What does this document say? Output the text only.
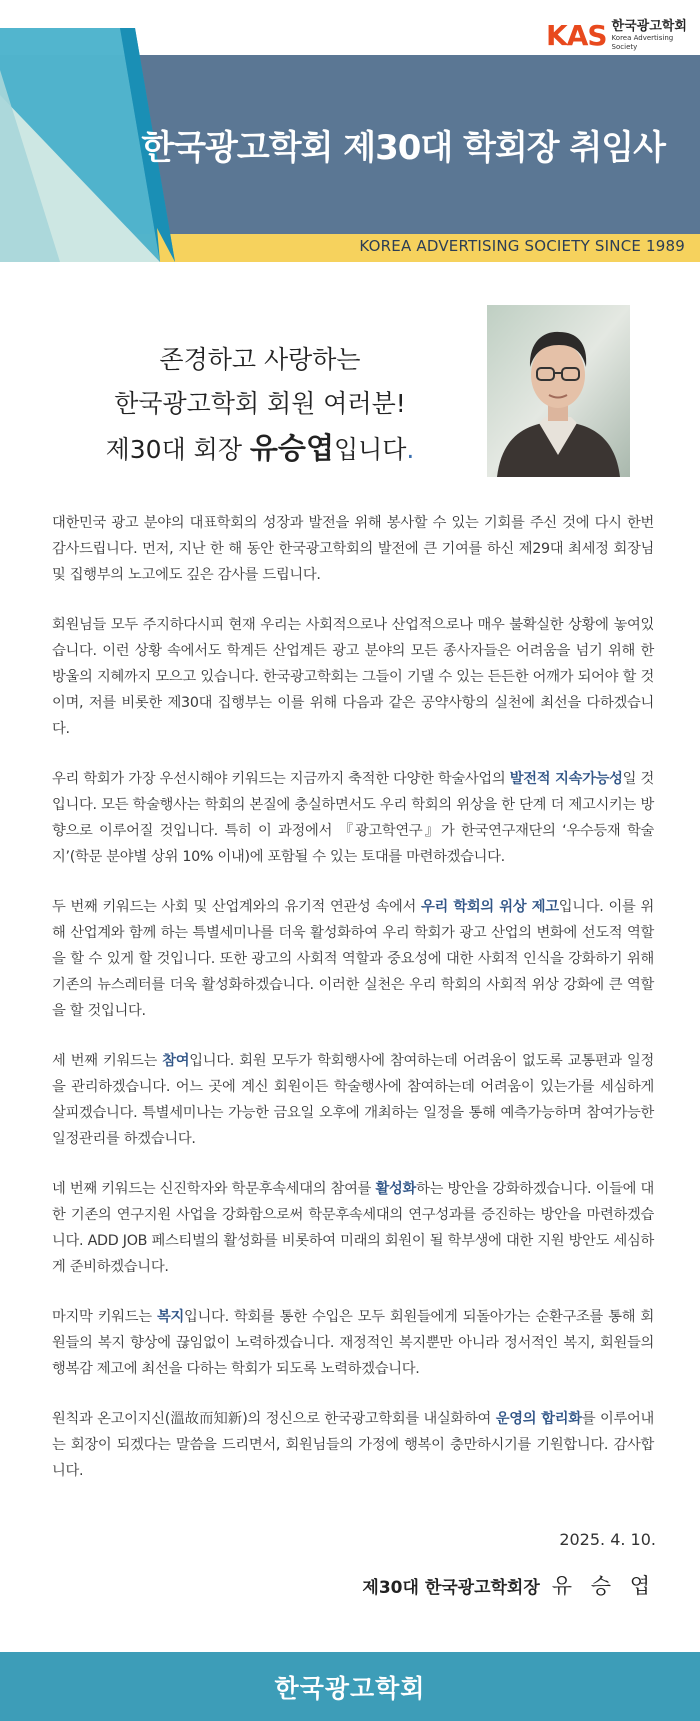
KAS 한국광고학회
Korea Advertising Society
한국광고학회 제30대 학회장 취임사
KOREA ADVERTISING SOCIETY SINCE 1989
존경하고 사랑하는
한국광고학회 회원 여러분!
제30대 회장 유승엽입니다.

대한민국 광고 분야의 대표학회의 성장과 발전을 위해 봉사할 수 있는 기회를 주신 것에 다시 한번 감사드립니다. 먼저, 지난 한 해 동안 한국광고학회의 발전에 큰 기여를 하신 제29대 최세정 회장님 및 집행부의 노고에도 깊은 감사를 드립니다.

회원님들 모두 주지하다시피 현재 우리는 사회적으로나 산업적으로나 매우 불확실한 상황에 놓여있습니다. 이런 상황 속에서도 학계든 산업계든 광고 분야의 모든 종사자들은 어려움을 넘기 위해 한 방울의 지혜까지 모으고 있습니다. 한국광고학회는 그들이 기댈 수 있는 든든한 어깨가 되어야 할 것이며, 저를 비롯한 제30대 집행부는 이를 위해 다음과 같은 공약사항의 실천에 최선을 다하겠습니다.

우리 학회가 가장 우선시해야 키워드는 지금까지 축적한 다양한 학술사업의 발전적 지속가능성일 것입니다. 모든 학술행사는 학회의 본질에 충실하면서도 우리 학회의 위상을 한 단계 더 제고시키는 방향으로 이루어질 것입니다. 특히 이 과정에서 『광고학연구』가 한국연구재단의 ‘우수등재 학술지’(학문 분야별 상위 10% 이내)에 포함될 수 있는 토대를 마련하겠습니다.

두 번째 키워드는 사회 및 산업계와의 유기적 연관성 속에서 우리 학회의 위상 제고입니다. 이를 위해 산업계와 함께 하는 특별세미나를 더욱 활성화하여 우리 학회가 광고 산업의 변화에 선도적 역할을 할 수 있게 할 것입니다. 또한 광고의 사회적 역할과 중요성에 대한 사회적 인식을 강화하기 위해 기존의 뉴스레터를 더욱 활성화하겠습니다. 이러한 실천은 우리 학회의 사회적 위상 강화에 큰 역할을 할 것입니다.

세 번째 키워드는 참여입니다. 회원 모두가 학회행사에 참여하는데 어려움이 없도록 교통편과 일정을 관리하겠습니다. 어느 곳에 계신 회원이든 학술행사에 참여하는데 어려움이 있는가를 세심하게 살피겠습니다. 특별세미나는 가능한 금요일 오후에 개최하는 일정을 통해 예측가능하며 참여가능한 일정관리를 하겠습니다.

네 번째 키워드는 신진학자와 학문후속세대의 참여를 활성화하는 방안을 강화하겠습니다. 이들에 대한 기존의 연구지원 사업을 강화함으로써 학문후속세대의 연구성과를 증진하는 방안을 마련하겠습니다. ADD JOB 페스티벌의 활성화를 비롯하여 미래의 회원이 될 학부생에 대한 지원 방안도 세심하게 준비하겠습니다.

마지막 키워드는 복지입니다. 학회를 통한 수입은 모두 회원들에게 되돌아가는 순환구조를 통해 회원들의 복지 향상에 끊임없이 노력하겠습니다. 재정적인 복지뿐만 아니라 정서적인 복지, 회원들의 행복감 제고에 최선을 다하는 학회가 되도록 노력하겠습니다.

원칙과 온고이지신(溫故而知新)의 정신으로 한국광고학회를 내실화하여 운영의 합리화를 이루어내는 회장이 되겠다는 말씀을 드리면서, 회원님들의 가정에 행복이 충만하시기를 기원합니다. 감사합니다.

2025. 4. 10.
제30대 한국광고학회장 유 승 엽
한국광고학회
